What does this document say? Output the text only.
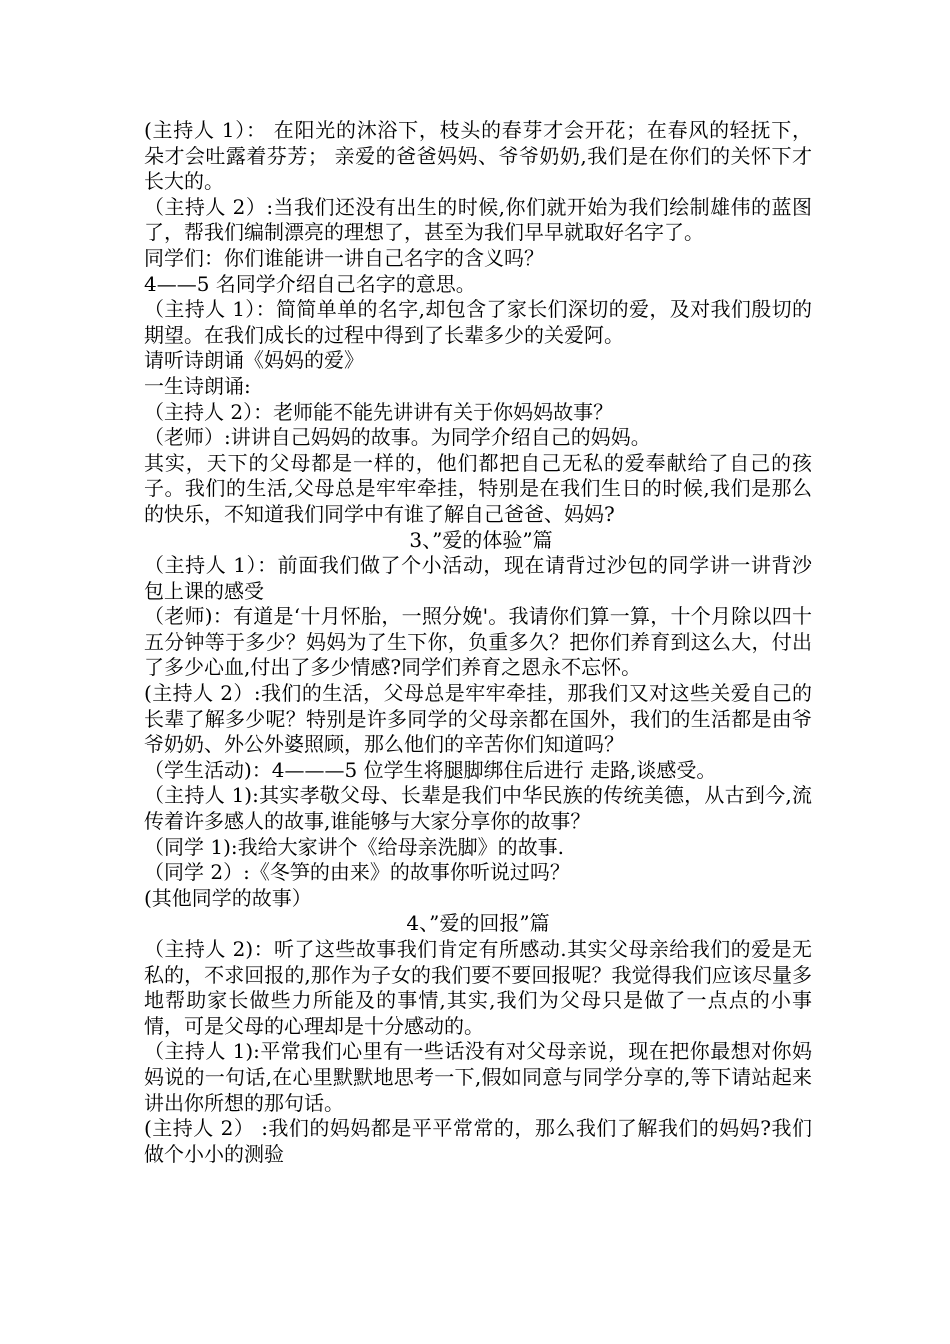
(主持人 1）： 在阳光的沐浴下，枝头的春芽才会开花；在春风的轻抚下， 朵才会吐露着芬芳； 亲爱的爸爸妈妈、爷爷奶奶,我们是在你们的关怀下才长大的。

（主持人 2）:当我们还没有出生的时候,你们就开始为我们绘制雄伟的蓝图了，帮我们编制漂亮的理想了，甚至为我们早早就取好名字了。

同学们：你们谁能讲一讲自己名字的含义吗？

4——5 名同学介绍自己名字的意思。

（主持人 1）：简简单单的名字,却包含了家长们深切的爱，及对我们殷切的期望。在我们成长的过程中得到了长辈多少的关爱阿。

请听诗朗诵《妈妈的爱》

一生诗朗诵:

（主持人 2）：老师能不能先讲讲有关于你妈妈故事？

（老师）:讲讲自己妈妈的故事。为同学介绍自己的妈妈。

其实，天下的父母都是一样的，他们都把自己无私的爱奉献给了自己的孩子。我们的生活,父母总是牢牢牵挂，特别是在我们生日的时候,我们是那么的快乐，不知道我们同学中有谁了解自己爸爸、妈妈?

3、”爱的体验”篇

（主持人 1）：前面我们做了个小活动，现在请背过沙包的同学讲一讲背沙包上课的感受

（老师)：有道是‘十月怀胎，一照分娩'。我请你们算一算，十个月除以四十五分钟等于多少？妈妈为了生下你，负重多久？把你们养育到这么大，付出了多少心血,付出了多少情感?同学们养育之恩永不忘怀。

(主持人 2）:我们的生活，父母总是牢牢牵挂，那我们又对这些关爱自己的长辈了解多少呢？特别是许多同学的父母亲都在国外，我们的生活都是由爷爷奶奶、外公外婆照顾，那么他们的辛苦你们知道吗？

（学生活动)：4———5 位学生将腿脚绑住后进行 走路,谈感受。

（主持人 1):其实孝敬父母、长辈是我们中华民族的传统美德，从古到今,流传着许多感人的故事,谁能够与大家分享你的故事？

（同学 1):我给大家讲个《给母亲洗脚》的故事.

（同学 2）:《冬笋的由来》的故事你听说过吗？

(其他同学的故事）

4、”爱的回报”篇

（主持人 2)：听了这些故事我们肯定有所感动.其实父母亲给我们的爱是无私的，不求回报的,那作为子女的我们要不要回报呢？我觉得我们应该尽量多地帮助家长做些力所能及的事情,其实,我们为父母只是做了一点点的小事情，可是父母的心理却是十分感动的。

（主持人 1):平常我们心里有一些话没有对父母亲说，现在把你最想对你妈妈说的一句话,在心里默默地思考一下,假如同意与同学分享的,等下请站起来讲出你所想的那句话。

(主持人 2） :我们的妈妈都是平平常常的，那么我们了解我们的妈妈?我们做个小小的测验
